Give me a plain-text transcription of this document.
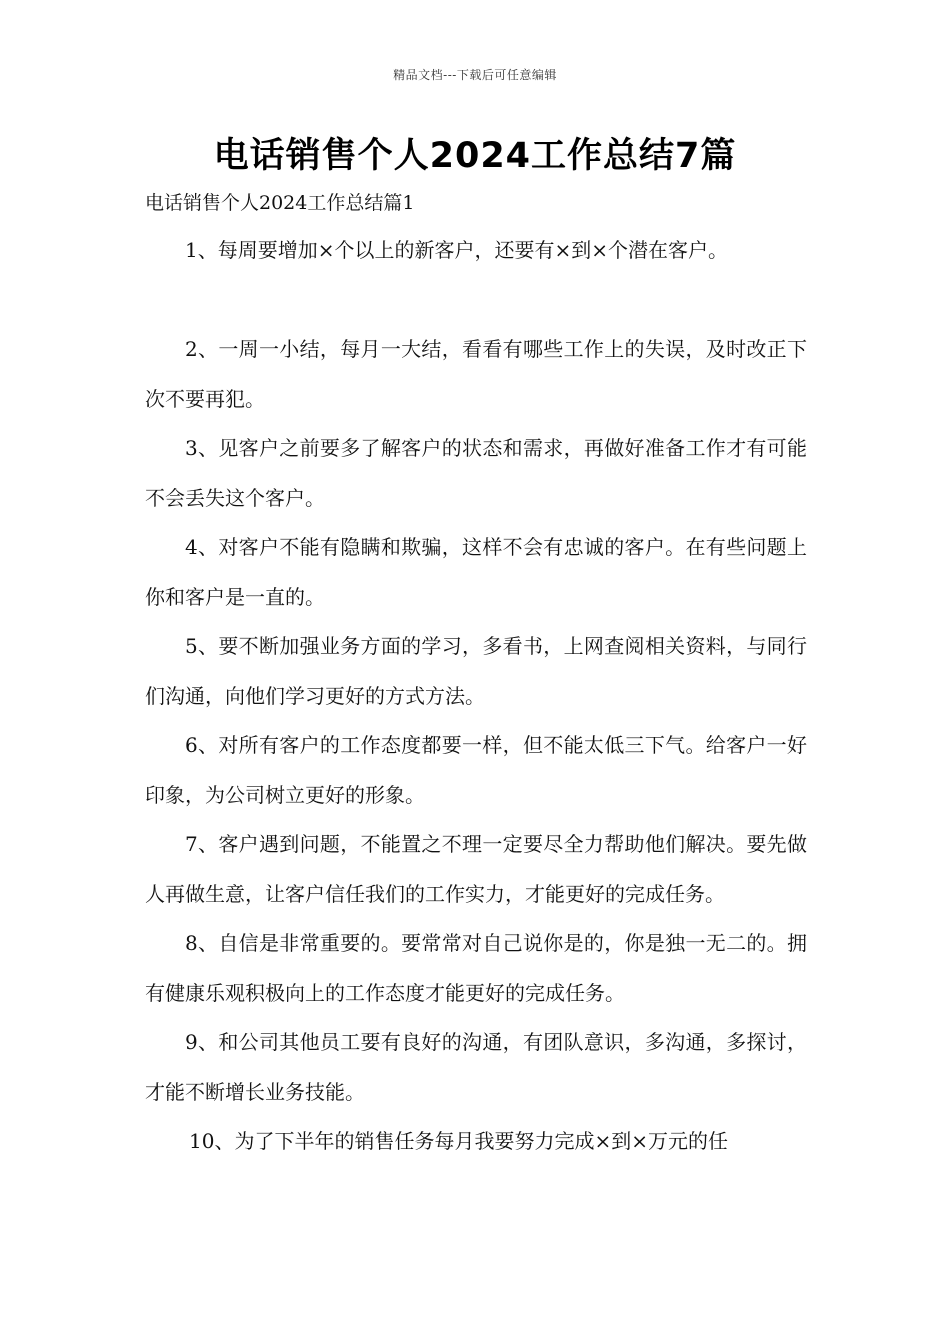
精品文档---下载后可任意编辑
电话销售个人2024工作总结7篇
电话销售个人2024工作总结篇1

1、每周要增加×个以上的新客户，还要有×到×个潜在客户。

2、一周一小结，每月一大结，看看有哪些工作上的失误，及时改正下次不要再犯。

3、见客户之前要多了解客户的状态和需求，再做好准备工作才有可能不会丢失这个客户。

4、对客户不能有隐瞒和欺骗，这样不会有忠诚的客户。在有些问题上你和客户是一直的。

5、要不断加强业务方面的学习，多看书，上网查阅相关资料，与同行们沟通，向他们学习更好的方式方法。

6、对所有客户的工作态度都要一样，但不能太低三下气。给客户一好印象，为公司树立更好的形象。

7、客户遇到问题，不能置之不理一定要尽全力帮助他们解决。要先做人再做生意，让客户信任我们的工作实力，才能更好的完成任务。

8、自信是非常重要的。要常常对自己说你是的，你是独一无二的。拥有健康乐观积极向上的工作态度才能更好的完成任务。

9、和公司其他员工要有良好的沟通，有团队意识，多沟通，多探讨，才能不断增长业务技能。

10、为了下半年的销售任务每月我要努力完成×到×万元的任
